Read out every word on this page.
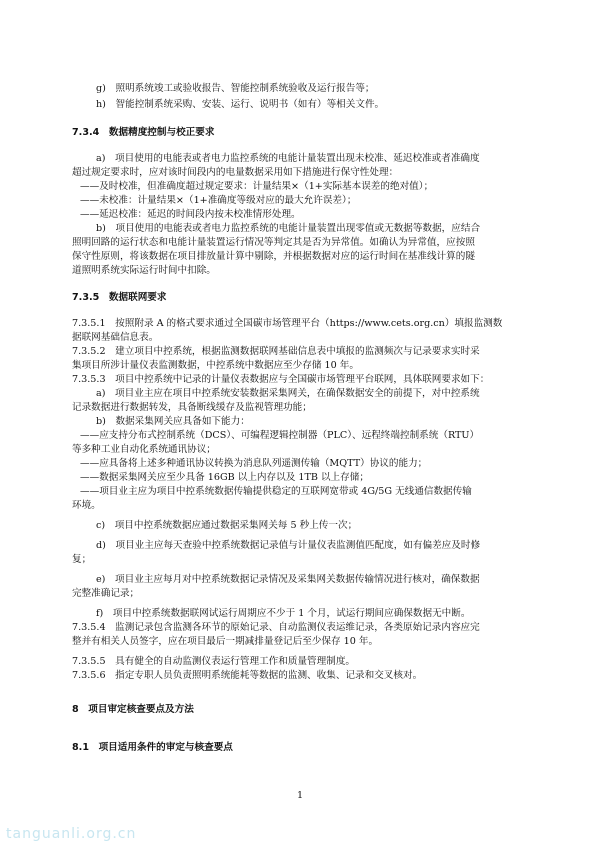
g)　照明系统竣工或验收报告、智能控制系统验收及运行报告等；
h)　智能控制系统采购、安装、运行、说明书（如有）等相关文件。
7.3.4　数据精度控制与校正要求
a)　项目使用的电能表或者电力监控系统的电能计量装置出现未校准、延迟校准或者准确度
超过规定要求时，应对该时间段内的电量数据采用如下措施进行保守性处理：
——及时校准，但准确度超过规定要求：计量结果×（1+实际基本误差的绝对值）；
——未校准：计量结果×（1+准确度等级对应的最大允许误差）；
——延迟校准：延迟的时间段内按未校准情形处理。
b)　项目使用的电能表或者电力监控系统的电能计量装置出现零值或无数据等数据，应结合
照明回路的运行状态和电能计量装置运行情况等判定其是否为异常值。如确认为异常值，应按照
保守性原则，将该数据在项目排放量计算中剔除，并根据数据对应的运行时间在基准线计算的隧
道照明系统实际运行时间中扣除。
7.3.5　数据联网要求
7.3.5.1　按照附录 A 的格式要求通过全国碳市场管理平台（https://www.cets.org.cn）填报监测数
据联网基础信息表。
7.3.5.2　建立项目中控系统，根据监测数据联网基础信息表中填报的监测频次与记录要求实时采
集项目所涉计量仪表监测数据，中控系统中数据应至少存储 10 年。
7.3.5.3　项目中控系统中记录的计量仪表数据应与全国碳市场管理平台联网，具体联网要求如下：
a)　项目业主应在项目中控系统安装数据采集网关，在确保数据安全的前提下，对中控系统
记录数据进行数据转发，具备断线缓存及监视管理功能；
b)　数据采集网关应具备如下能力：
——应支持分布式控制系统（DCS）、可编程逻辑控制器（PLC）、远程终端控制系统（RTU）
等多种工业自动化系统通讯协议；
——应具备将上述多种通讯协议转换为消息队列遥测传输（MQTT）协议的能力；
——数据采集网关应至少具备 16GB 以上内存以及 1TB 以上存储；
——项目业主应为项目中控系统数据传输提供稳定的互联网宽带或 4G/5G 无线通信数据传输
环境。
c)　项目中控系统数据应通过数据采集网关每 5 秒上传一次；
d)　项目业主应每天查验中控系统数据记录值与计量仪表监测值匹配度，如有偏差应及时修
复；
e)　项目业主应每月对中控系统数据记录情况及采集网关数据传输情况进行核对，确保数据
完整准确记录；
f)　项目中控系统数据联网试运行周期应不少于 1 个月，试运行期间应确保数据无中断。
7.3.5.4　监测记录包含监测各环节的原始记录、自动监测仪表运维记录，各类原始记录内容应完
整并有相关人员签字，应在项目最后一期减排量登记后至少保存 10 年。
7.3.5.5　具有健全的自动监测仪表运行管理工作和质量管理制度。
7.3.5.6　指定专职人员负责照明系统能耗等数据的监测、收集、记录和交叉核对。
8　项目审定核查要点及方法
8.1　项目适用条件的审定与核查要点
1
tanguanli.org.cn
